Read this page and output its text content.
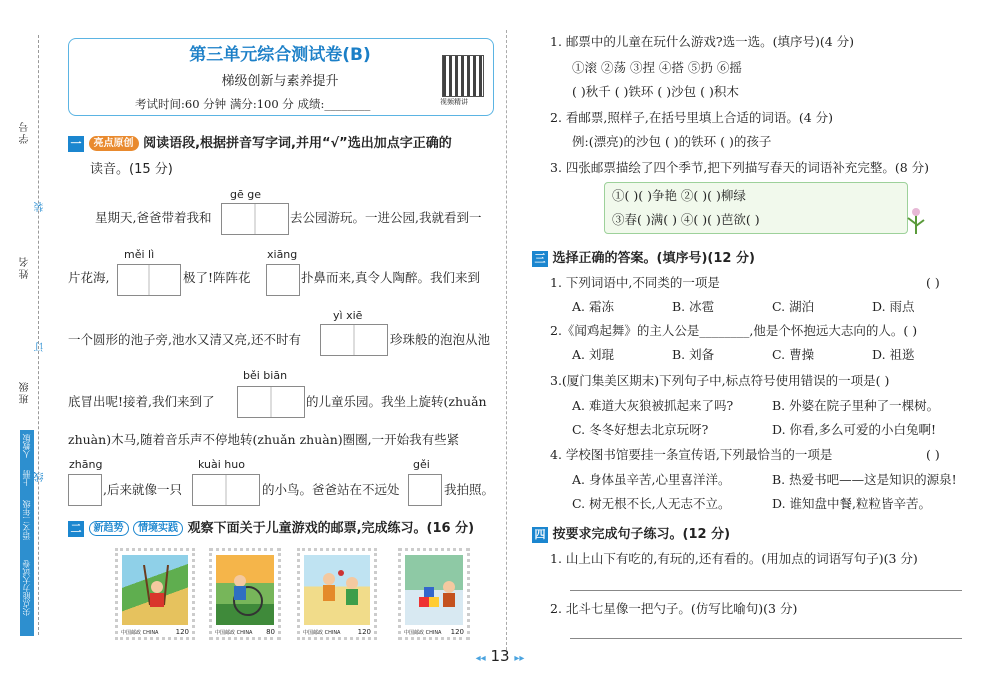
学号
姓名
班级
装
订
线
尖点能力大试卷
语文二年级
上册
人教版
第三单元综合测试卷(B)
梯级创新与素养提升
考试时间:60 分钟 满分:100 分 成绩:________	视频精讲
一 亮点原创 阅读语段,根据拼音写字词,并用“√”选出加点字正确的
读音。(15 分)
gē ge
星期天,爸爸带着我和	去公园游玩。一进公园,我就看到一
měi lì	xiāng
片花海,	极了!阵阵花	扑鼻而来,真令人陶醉。我们来到
yì xiē
一个圆形的池子旁,池水又清又亮,还不时有	珍珠般的泡泡从池
běi biān
底冒出呢!接着,我们来到了	的儿童乐园。我坐上旋转(zhuǎn
zhuàn)木马,随着音乐声不停地转(zhuǎn zhuàn)圈圈,一开始我有些紧
zhāng	kuài huo	gěi
,后来就像一只	的小鸟。爸爸站在不远处	我拍照。
二 新趋势 情境实践 观察下面关于儿童游戏的邮票,完成练习。(16 分)
中国邮政 CHINA 120	中国邮政 CHINA 80	中国邮政 CHINA 120	中国邮政 CHINA 120
1. 邮票中的儿童在玩什么游戏?选一选。(填序号)(4 分)
①滚 ②荡 ③捏 ④搭 ⑤扔 ⑥摇
( )秋千 ( )铁环 ( )沙包 ( )积木
2. 看邮票,照样子,在括号里填上合适的词语。(4 分)
例:(漂亮)的沙包 ( )的铁环 ( )的孩子
3. 四张邮票描绘了四个季节,把下列描写春天的词语补充完整。(8 分)
①( )( )争艳 ②( )( )柳绿
③春( )满( ) ④( )( )芭欲( )
三 选择正确的答案。(填序号)(12 分)
1. 下列词语中,不同类的一项是	( )
A. 霜冻	B. 冰雹	C. 湖泊	D. 雨点
2.《闻鸡起舞》的主人公是________,他是个怀抱远大志向的人。( )
A. 刘琨	B. 刘备	C. 曹操	D. 祖逖
3.(厦门集美区期末)下列句子中,标点符号使用错误的一项是( )
A. 难道大灰狼被抓起来了吗?	B. 外婆在院子里种了一棵树。
C. 冬冬好想去北京玩呀?	D. 你看,多么可爱的小白兔啊!
4. 学校图书馆要挂一条宣传语,下列最恰当的一项是	( )
A. 身体虽辛苦,心里喜洋洋。	B. 热爱书吧——这是知识的源泉!
C. 树无根不长,人无志不立。	D. 谁知盘中餐,粒粒皆辛苦。
四 按要求完成句子练习。(12 分)
1. 山上山下有吃的,有玩的,还有看的。(用加点的词语写句子)(3 分)
2. 北斗七星像一把勺子。(仿写比喻句)(3 分)
◂◂ 13 ▸▸
